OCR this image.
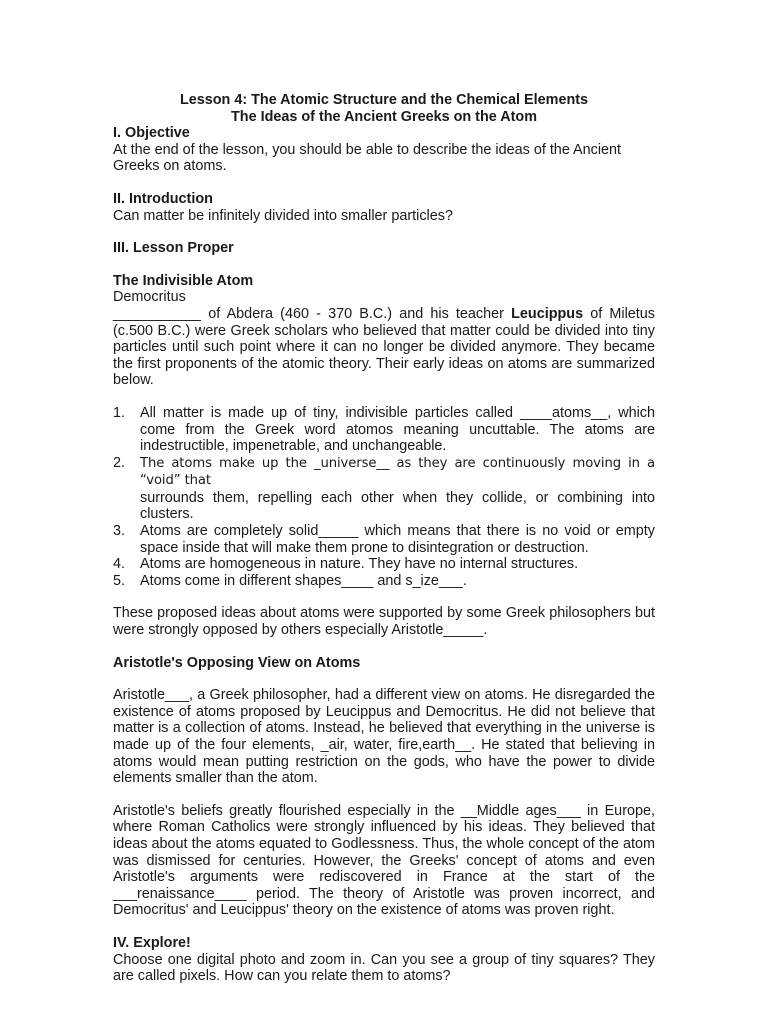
Lesson 4: The Atomic Structure and the Chemical Elements

The Ideas of the Ancient Greeks on the Atom

I. Objective

At the end of the lesson, you should be able to describe the ideas of the Ancient Greeks on atoms.

II. Introduction

Can matter be infinitely divided into smaller particles?

III. Lesson Proper

The Indivisible Atom

Democritus

___________ of Abdera (460 - 370 B.C.) and his teacher Leucippus of Miletus (c.500 B.C.) were Greek scholars who believed that matter could be divided into tiny particles until such point where it can no longer be divided anymore. They became the first proponents of the atomic theory. Their early ideas on atoms are summarized below.

1.	All matter is made up of tiny, indivisible particles called ____atoms__, which come from the Greek word atomos meaning uncuttable. The atoms are indestructible, impenetrable, and unchangeable.
2.	The atoms make up the _universe__ as they are continuously moving in a “void” that
surrounds them, repelling each other when they collide, or combining into clusters.
3.	Atoms are completely solid_____ which means that there is no void or empty space inside that will make them prone to disintegration or destruction.
4.	Atoms are homogeneous in nature. They have no internal structures.
5.	Atoms come in different shapes____ and s_ize___.

These proposed ideas about atoms were supported by some Greek philosophers but were strongly opposed by others especially Aristotle_____.

Aristotle's Opposing View on Atoms

Aristotle___, a Greek philosopher, had a different view on atoms. He disregarded the existence of atoms proposed by Leucippus and Democritus. He did not believe that matter is a collection of atoms. Instead, he believed that everything in the universe is made up of the four elements, _air, water, fire,earth__. He stated that believing in atoms would mean putting restriction on the gods, who have the power to divide elements smaller than the atom.

Aristotle's beliefs greatly flourished especially in the __Middle ages___ in Europe, where Roman Catholics were strongly influenced by his ideas. They believed that ideas about the atoms equated to Godlessness. Thus, the whole concept of the atom was dismissed for centuries. However, the Greeks' concept of atoms and even Aristotle's arguments were rediscovered in France at the start of the ___renaissance____ period. The theory of Aristotle was proven incorrect, and Democritus' and Leucippus' theory on the existence of atoms was proven right.

IV. Explore!

Choose one digital photo and zoom in. Can you see a group of tiny squares? They are called pixels. How can you relate them to atoms?
